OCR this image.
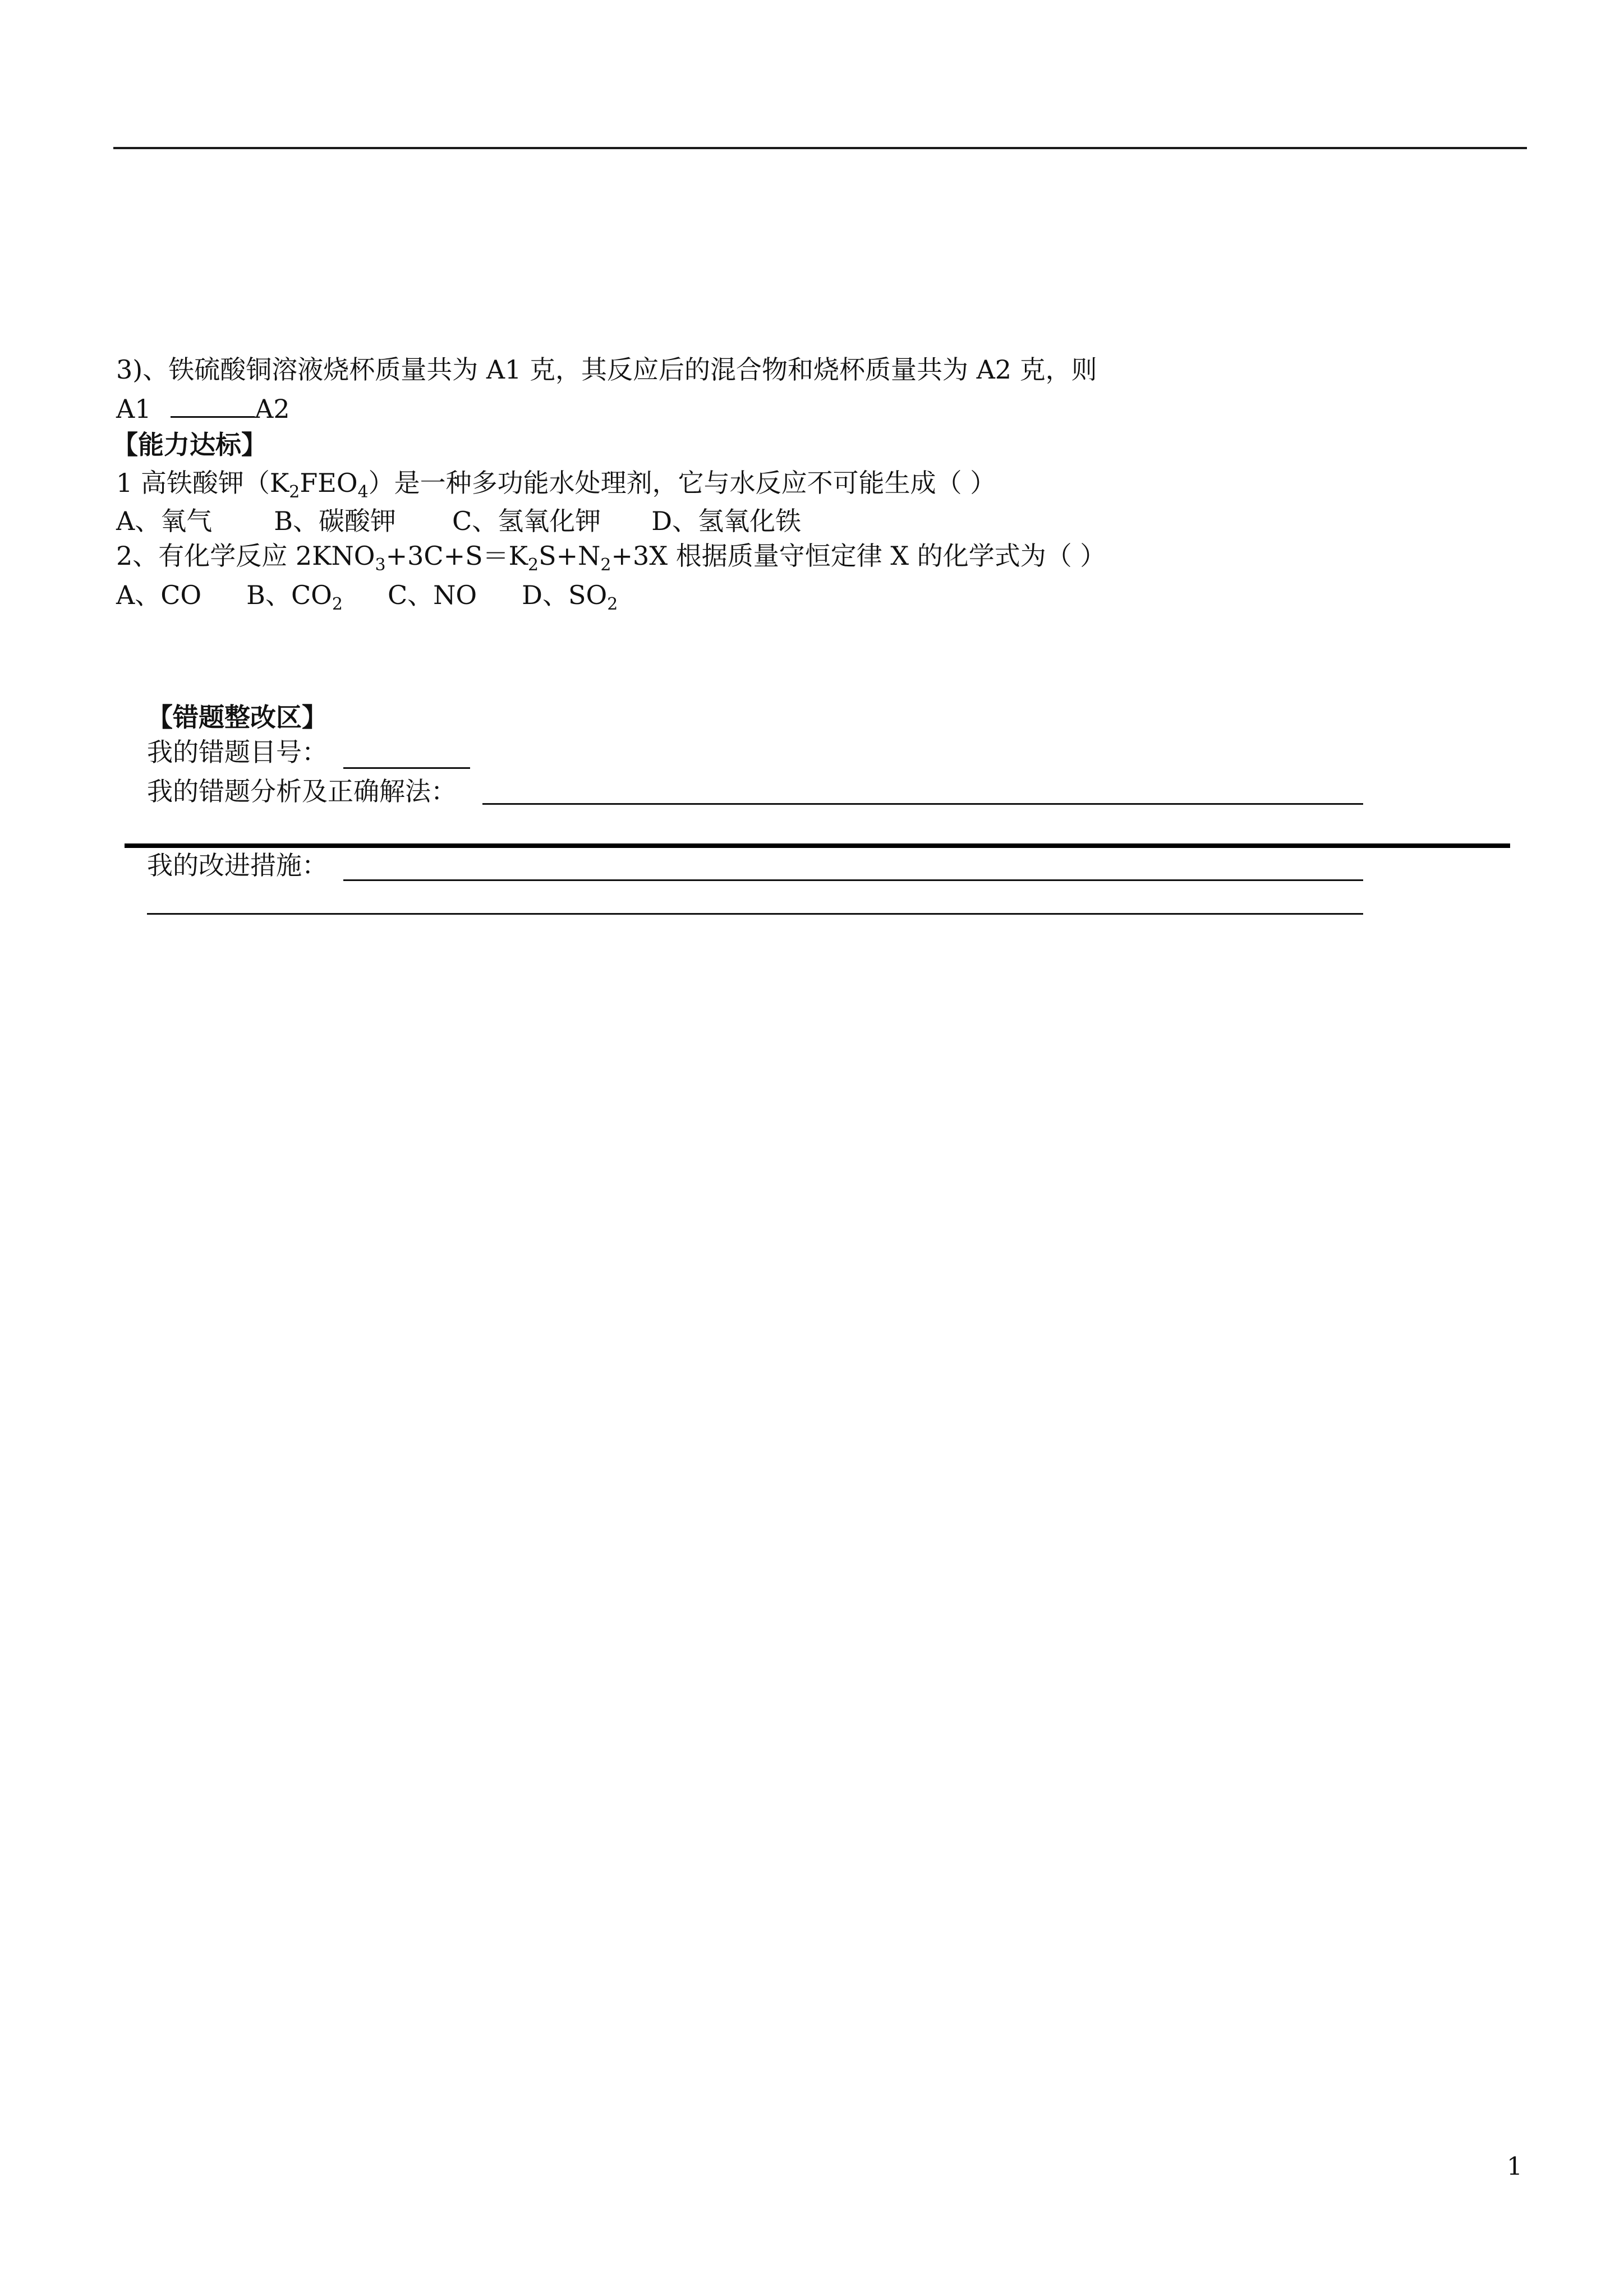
3)、铁硫酸铜溶液烧杯质量共为 A1 克，其反应后的混合物和烧杯质量共为 A2 克，则
A1	A2
【能力达标】
1 高铁酸钾$(K_2FEO_4)$是一种多功能水处理剂，它与水反应不可能生成（ ）
A、氧气 B、碳酸钾 C、氢氧化钾 D、氢氧化铁
2、有化学反应 $2KNO_3+3C+S=K_2S+N_2+3X$ 根据质量守恒定律 X 的化学式为（ ）
A、CO B、$CO_2$ C、NO D、$SO_2$
【错题整改区】
我的错题目号：
我的错题分析及正确解法：
我的改进措施：
1
